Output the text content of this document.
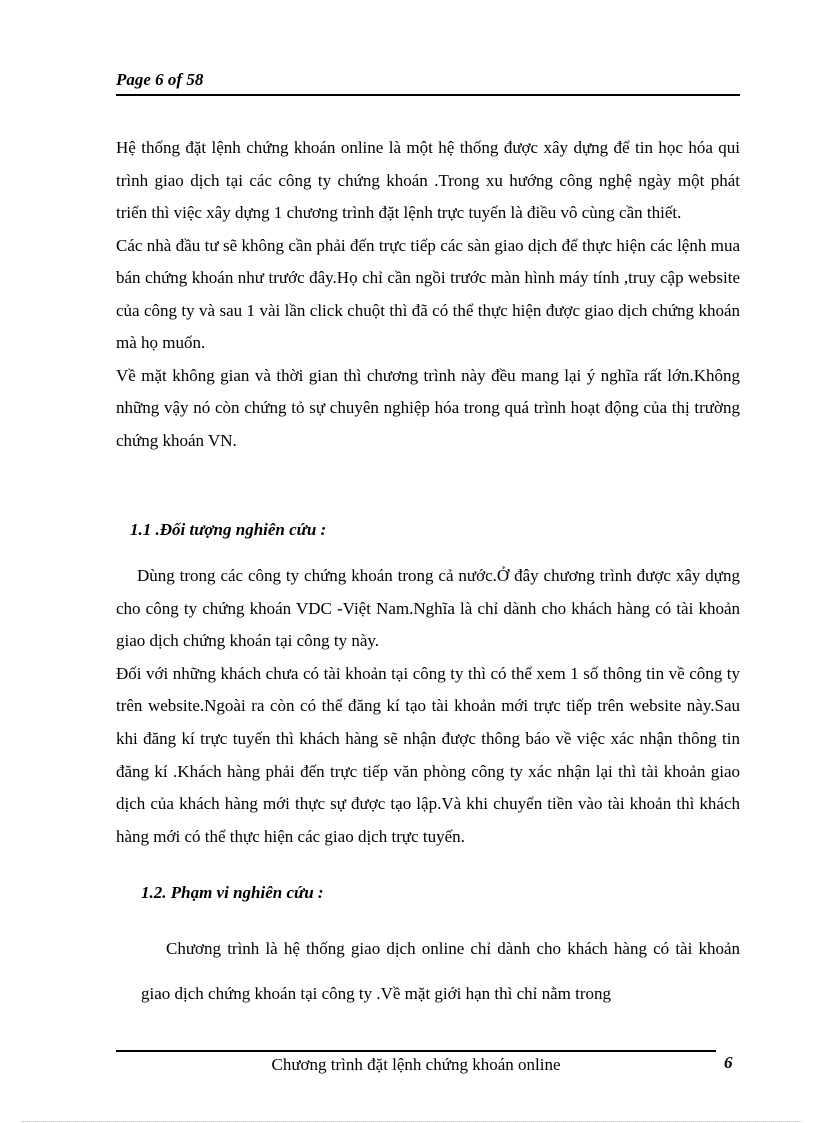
Page 6 of 58

Hệ thống đặt lệnh chứng khoán online là một hệ thống được xây dựng để tin học hóa qui trình giao dịch tại các công ty chứng khoán .Trong xu hướng công nghệ ngày một phát triển thì việc xây dựng 1 chương trình đặt lệnh trực tuyến là điều vô cùng cần thiết.

Các nhà đầu tư sẽ không cần phải đến trực tiếp các sàn giao dịch để thực hiện các lệnh mua bán chứng khoán như trước đây.Họ chỉ cần ngồi trước màn hình máy tính ,truy cập website của công ty và sau 1 vài lần click chuột thì đã có thể thực hiện được giao dịch chứng khoán mà họ muốn.

Về mặt không gian và thời gian thì chương trình này đều mang lại ý nghĩa rất lớn.Không những vậy nó còn chứng tỏ sự chuyên nghiệp hóa trong quá trình hoạt động của thị trường chứng khoán VN.

1.1 .Đối tượng nghiên cứu :

Dùng trong các công ty chứng khoán trong cả nước.Ở đây chương trình được xây dựng cho công ty chứng khoán VDC -Việt Nam.Nghĩa là chỉ dành cho khách hàng có tài khoản giao dịch chứng khoán tại công ty này.

Đối với những khách chưa có tài khoản tại công ty thì có thể xem 1 số thông tin về công ty trên website.Ngoài ra còn có thể đăng kí tạo tài khoản mới trực tiếp trên website này.Sau khi đăng kí trực tuyến thì khách hàng sẽ nhận được thông báo về việc xác nhận thông tin đăng kí .Khách hàng phải đến trực tiếp văn phòng công ty xác nhận lại thì tài khoản giao dịch của khách hàng mới thực sự được tạo lập.Và khi chuyển tiền vào tài khoản thì khách hàng mới có thể thực hiện các giao dịch trực tuyến.

1.2. Phạm vi nghiên cứu :

Chương trình là hệ thống giao dịch online chỉ dành cho khách hàng có tài khoản giao dịch chứng khoán tại công ty .Về mặt giới hạn thì chỉ nằm trong

Chương trình đặt lệnh chứng khoán online	6
